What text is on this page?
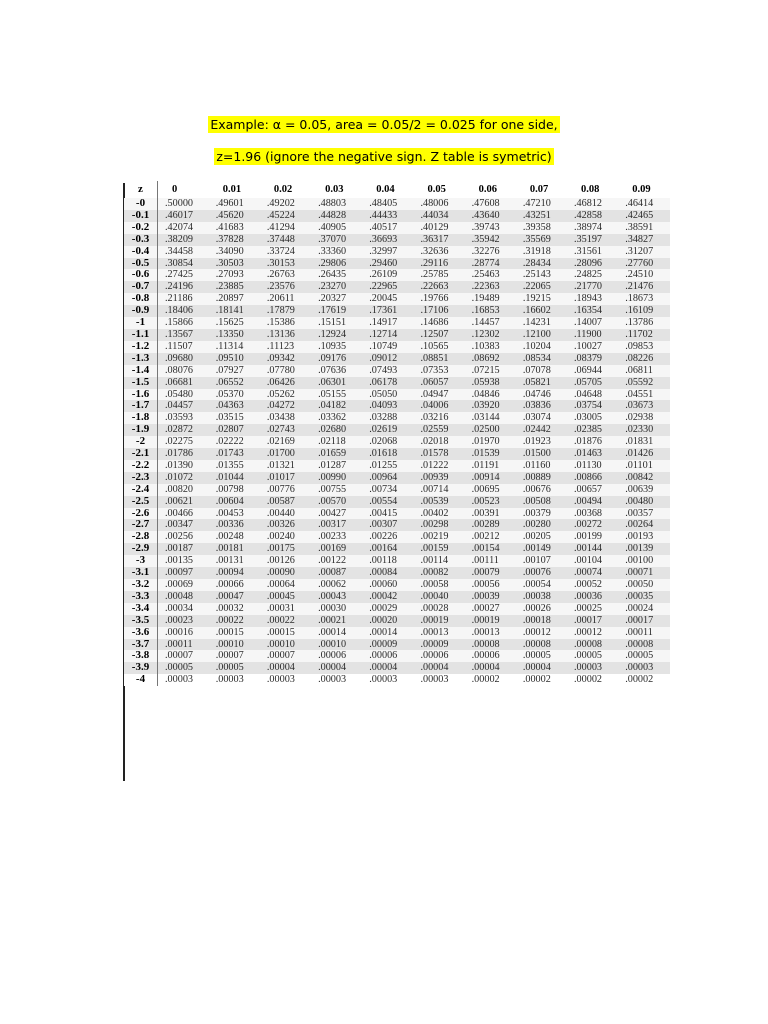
Example: α = 0.05, area = 0.05/2 = 0.025 for one side,
z=1.96 (ignore the negative sign. Z table is symetric)
z	0	0.01	0.02	0.03	0.04	0.05	0.06	0.07	0.08	0.09
-0	.50000	.49601	.49202	.48803	.48405	.48006	.47608	.47210	.46812	.46414
-0.1	.46017	.45620	.45224	.44828	.44433	.44034	.43640	.43251	.42858	.42465
-0.2	.42074	.41683	.41294	.40905	.40517	.40129	.39743	.39358	.38974	.38591
-0.3	.38209	.37828	.37448	.37070	.36693	.36317	.35942	.35569	.35197	.34827
-0.4	.34458	.34090	.33724	.33360	.32997	.32636	.32276	.31918	.31561	.31207
-0.5	.30854	.30503	.30153	.29806	.29460	.29116	.28774	.28434	.28096	.27760
-0.6	.27425	.27093	.26763	.26435	.26109	.25785	.25463	.25143	.24825	.24510
-0.7	.24196	.23885	.23576	.23270	.22965	.22663	.22363	.22065	.21770	.21476
-0.8	.21186	.20897	.20611	.20327	.20045	.19766	.19489	.19215	.18943	.18673
-0.9	.18406	.18141	.17879	.17619	.17361	.17106	.16853	.16602	.16354	.16109
-1	.15866	.15625	.15386	.15151	.14917	.14686	.14457	.14231	.14007	.13786
-1.1	.13567	.13350	.13136	.12924	.12714	.12507	.12302	.12100	.11900	.11702
-1.2	.11507	.11314	.11123	.10935	.10749	.10565	.10383	.10204	.10027	.09853
-1.3	.09680	.09510	.09342	.09176	.09012	.08851	.08692	.08534	.08379	.08226
-1.4	.08076	.07927	.07780	.07636	.07493	.07353	.07215	.07078	.06944	.06811
-1.5	.06681	.06552	.06426	.06301	.06178	.06057	.05938	.05821	.05705	.05592
-1.6	.05480	.05370	.05262	.05155	.05050	.04947	.04846	.04746	.04648	.04551
-1.7	.04457	.04363	.04272	.04182	.04093	.04006	.03920	.03836	.03754	.03673
-1.8	.03593	.03515	.03438	.03362	.03288	.03216	.03144	.03074	.03005	.02938
-1.9	.02872	.02807	.02743	.02680	.02619	.02559	.02500	.02442	.02385	.02330
-2	.02275	.02222	.02169	.02118	.02068	.02018	.01970	.01923	.01876	.01831
-2.1	.01786	.01743	.01700	.01659	.01618	.01578	.01539	.01500	.01463	.01426
-2.2	.01390	.01355	.01321	.01287	.01255	.01222	.01191	.01160	.01130	.01101
-2.3	.01072	.01044	.01017	.00990	.00964	.00939	.00914	.00889	.00866	.00842
-2.4	.00820	.00798	.00776	.00755	.00734	.00714	.00695	.00676	.00657	.00639
-2.5	.00621	.00604	.00587	.00570	.00554	.00539	.00523	.00508	.00494	.00480
-2.6	.00466	.00453	.00440	.00427	.00415	.00402	.00391	.00379	.00368	.00357
-2.7	.00347	.00336	.00326	.00317	.00307	.00298	.00289	.00280	.00272	.00264
-2.8	.00256	.00248	.00240	.00233	.00226	.00219	.00212	.00205	.00199	.00193
-2.9	.00187	.00181	.00175	.00169	.00164	.00159	.00154	.00149	.00144	.00139
-3	.00135	.00131	.00126	.00122	.00118	.00114	.00111	.00107	.00104	.00100
-3.1	.00097	.00094	.00090	.00087	.00084	.00082	.00079	.00076	.00074	.00071
-3.2	.00069	.00066	.00064	.00062	.00060	.00058	.00056	.00054	.00052	.00050
-3.3	.00048	.00047	.00045	.00043	.00042	.00040	.00039	.00038	.00036	.00035
-3.4	.00034	.00032	.00031	.00030	.00029	.00028	.00027	.00026	.00025	.00024
-3.5	.00023	.00022	.00022	.00021	.00020	.00019	.00019	.00018	.00017	.00017
-3.6	.00016	.00015	.00015	.00014	.00014	.00013	.00013	.00012	.00012	.00011
-3.7	.00011	.00010	.00010	.00010	.00009	.00009	.00008	.00008	.00008	.00008
-3.8	.00007	.00007	.00007	.00006	.00006	.00006	.00006	.00005	.00005	.00005
-3.9	.00005	.00005	.00004	.00004	.00004	.00004	.00004	.00004	.00003	.00003
-4	.00003	.00003	.00003	.00003	.00003	.00003	.00002	.00002	.00002	.00002
